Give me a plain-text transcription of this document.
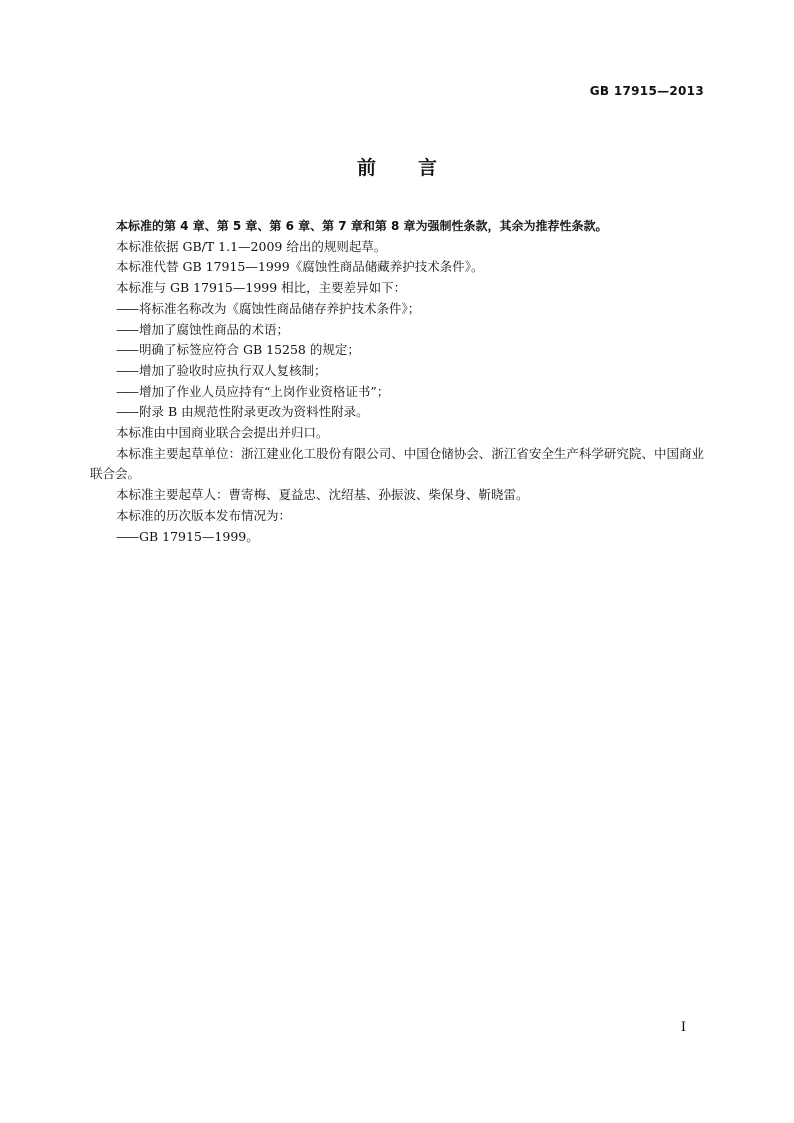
GB 17915—2013
前言

本标准的第 4 章、第 5 章、第 6 章、第 7 章和第 8 章为强制性条款，其余为推荐性条款。

本标准依据 GB/T 1.1—2009 给出的规则起草。

本标准代替 GB 17915—1999《腐蚀性商品储藏养护技术条件》。

本标准与 GB 17915—1999 相比，主要差异如下：

—— 将标准名称改为《腐蚀性商品储存养护技术条件》；

—— 增加了腐蚀性商品的术语；

—— 明确了标签应符合 GB 15258 的规定；

—— 增加了验收时应执行双人复核制；

—— 增加了作业人员应持有“上岗作业资格证书”；

—— 附录 B 由规范性附录更改为资料性附录。

本标准由中国商业联合会提出并归口。

本标准主要起草单位：浙江建业化工股份有限公司、中国仓储协会、浙江省安全生产科学研究院、中国商业联合会。

本标准主要起草人：曹寄梅、夏益忠、沈绍基、孙振波、柴保身、靳晓雷。

本标准的历次版本发布情况为：

—— GB 17915—1999。

I
